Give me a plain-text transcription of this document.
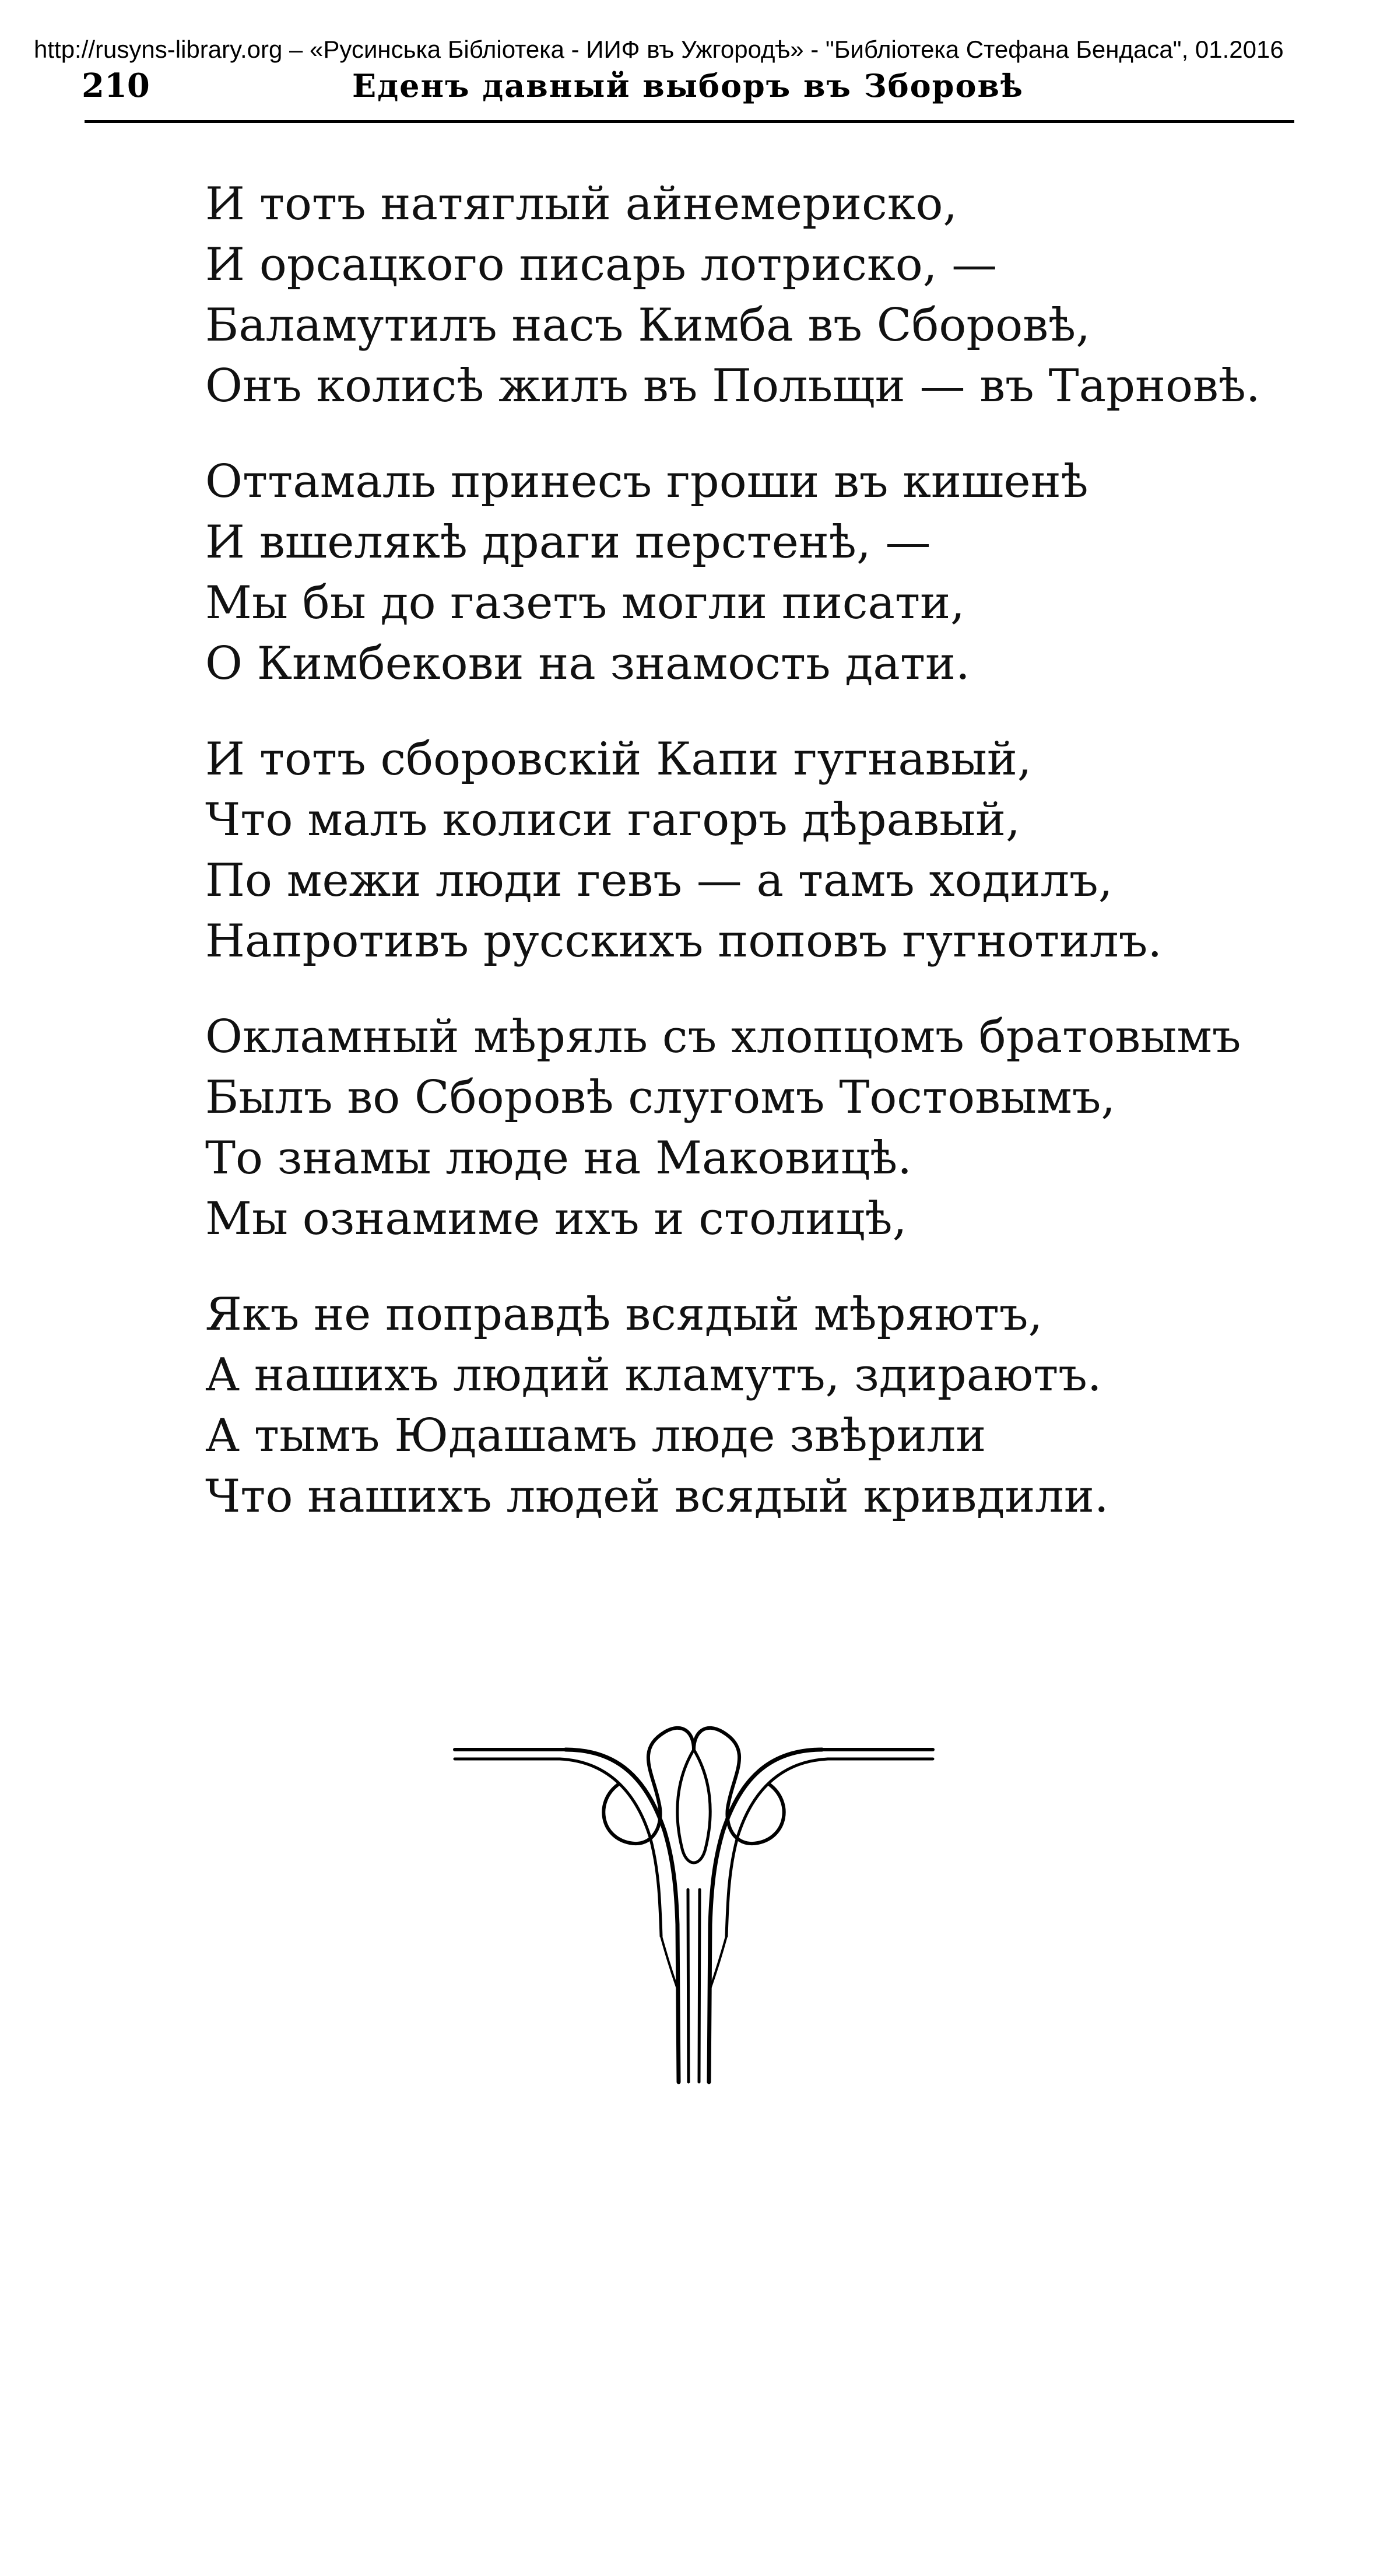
http://rusyns-library.org – «Русинська Бібліотека - ИИФ въ Ужгородѣ» - "Библіотека Стефана Бендаса", 01.2016
210	Еденъ давный выборъ въ Зборовѣ
И тотъ натяглый айнемериско,
И орсацкого писарь лотриско, —
Баламутилъ насъ Кимба въ Сборовѣ,
Онъ колисѣ жилъ въ Польщи — въ Тарновѣ.
Оттамаль принесъ гроши въ кишенѣ
И вшелякѣ драги перстенѣ, —
Мы бы до газетъ могли писати,
О Кимбекови на знамость дати.
И тотъ сборовскій Капи гугнавый,
Что малъ колиси гагоръ дѣравый,
По межи люди гевъ — а тамъ ходилъ,
Напротивъ русскихъ поповъ гугнотилъ.
Окламный мѣряль съ хлопцомъ братовымъ
Былъ во Сборовѣ слугомъ Тостовымъ,
То знамы люде на Маковицѣ.
Мы ознамиме ихъ и столицѣ,
Якъ не поправдѣ всядый мѣряютъ,
А нашихъ людий кламутъ, здираютъ.
А тымъ Юдашамъ люде звѣрили
Что нашихъ людей всядый кривдили.
